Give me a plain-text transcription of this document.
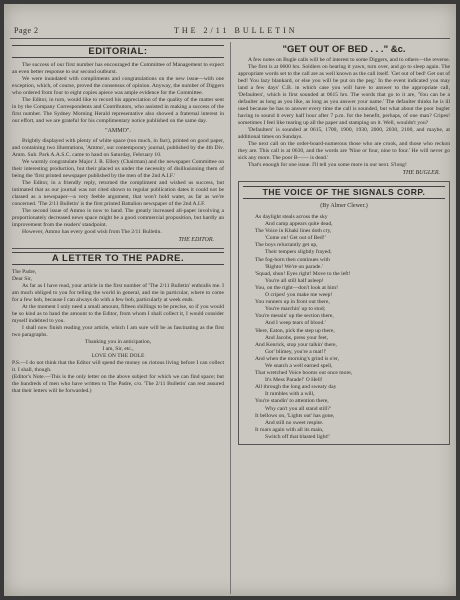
Page 2	THE 2/11 BULLETIN
EDITORIAL:

The success of our first number has encouraged the Committee of Management to expect an even better response to our second outburst.

We were inundated with compliments and congratulations on the new issue—with one exception, which, of course, proved the consensus of opinion. Anyway, the number of Diggers who ordered from four to eight copies apiece was ample evidence for the Committee.

The Editor, in turn, would like to record his appreciation of the quality of the matter sent in by the Company Correspondents and Contributors, who assisted in making a success of the first number. The Sydney Morning Herald representative also showed a fraternal interest in our effort, and we are grateful for his complimentary notice published on the same day.

"AMMO".

Brightly displayed with plenty of white space (too much, in fact), printed on good paper, and containing two illustrations, 'Ammo', our contemporary journal, published by the 4th Div. Amm. Sub. Park A.A.S.C. came to hand on Saturday, February 10.

We warmly congratulate Major J. R. Ellery (Chairman) and the newspaper Committee on their interesting production, but their placed us under the necessity of disillusioning them of being the 'first printed newspaper published by the men of the 2nd A.I.F.'

The Editor, in a friendly reply, returned the compliment and wished us success, but intimated that as our journal was not cited shown to regular publication dates it could not be classed as a newspaper—a very feeble argument, that won't hold water, as far as we're concerned. 'The 2/11 Bulletin' is the first printed Battalion newspaper of the 2nd A.I.F.

The second issue of Ammo is now to hand. The greatly increased all-paper involving a proportionately decreased news space might be a good commercial proposition, but hardly an improvement from the readers' standpoint.

However, Ammo has every good wish from The 2/11 Bulletin.

THE EDITOR.
A LETTER TO THE PADRE.

The Padre,

Dear Sir,

As far as I have read, your article in the first number of 'The 2/11 Bulletin' enthralls me. I am much obliged to you for telling the world in general, and me in particular, where to come for a few bob, because I can always do with a few bob, particularly at week ends.

At the moment I only need a small amount, fifteen shillings to be precise, so if you would be so kind as to hand the amount to the Editor, from whom I shall collect it, I would consider myself indebted to you.

I shall now finish reading your article, which I am sure will be as fascinating as the first two paragraphs.

Thanking you in anticipation,

I am, Sir, etc.,

LOVE ON THE DOLE

P.S.—I do not think that the Editor will spend the money on riotous living before I can collect it. I shall, though.

(Editor's Note.—This is the only letter on the above subject for which we can find space; but the hundreds of men who have written to The Padre, c/o. 'The 2/11 Bulletin' can rest assured that their letters will be forwarded.)

"GET OUT OF BED . . ." &c.

A few notes on Bugle calls will be of interest to some Diggers, and to others—the reverse.

The first is at 0600 hrs. Soldiers on hearing it yawn, turn over, and go to sleep again. The appropriate words set to the call are as well known as the call itself. 'Get out of bed! Get out of bed! You lazy blankard, or else you will be put on the peg.' In the event indicated you may land a few days' C.B. in which case you will have to answer to the appropriate call, 'Defaulters', which is first sounded at 0615 hrs. The words that go to it are, 'You can be a defaulter as long as you like, as long as you answer your name.' The defaulter thinks he is ill used because he has to answer every time the call is sounded, but what about the poor bugler having to sound it every half hour after 7 p.m. for the benefit, perhaps, of one man? Cripes! sometimes I feel like tearing up all the paper and stamping on it. Well, wouldn't you?

'Defaulters' is sounded at 0615, 1700, 1900, 1930, 2000, 2030, 2100, and maybe, at additional times on Sundays.

The next call on the order-board-numerous those who are crook, and those who reckon they are. This call is at 0630, and the words are 'Nine or four, nine to four.' He will never go sick any more. The poor B—— is dead.'

That's enough for one issue. I'll tell you some more in our next. S'long!

THE BUGLER.
THE VOICE OF THE SIGNALS CORP.
(By Almer Clewer.)
As daylight steals across the sky
And camp appears quite dead,
The Voice in Khaki lines doth cry,
'Come on! Get out of Bed!'
The boys reluctantly get up,
Their tempers slightly frayed;
The fog-horn then continues with
'Righto! We're on parade.'
'Squad, shun! Eyes right! Move to the left!
You're all still half asleep!
You, on the right—don't look at him!
O cripes! you make me weep!
You runners up in front out there,
You're marchin' up to stud;
You're messin' up the section there,
And I weep tears of blood.'
'Here, Eaton, pick the step up there,
And Jacobs, press your feet,
And Kenrick, stop your talkin' there,
Gor' blimey, you're a mat!!'
And when the morning's grind is o'er,
We snatch a well earned spell,
That wretched Voice booms out once more,
It's Mess Parade!' O Hell!
All through the long and sweaty day
It rumbles with a will,
You're standin' to attention there,
Why can't you all stand still?'
It bellows on, 'Lights out' has gone,
And still no sweet respite.
It roars again with all its main,
Switch off that blasted light!'
